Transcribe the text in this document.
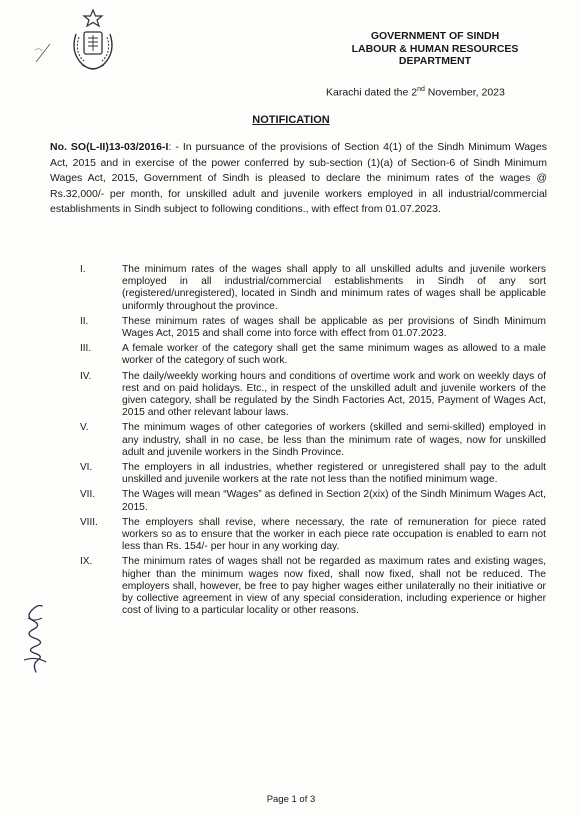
GOVERNMENT OF SINDH
LABOUR & HUMAN RESOURCES
DEPARTMENT
Karachi dated the 2nd November, 2023
NOTIFICATION
No. SO(L-II)13-03/2016-I: - In pursuance of the provisions of Section 4(1) of the Sindh Minimum Wages Act, 2015 and in exercise of the power conferred by sub-section (1)(a) of Section-6 of Sindh Minimum Wages Act, 2015, Government of Sindh is pleased to declare the minimum rates of the wages @ Rs.32,000/- per month, for unskilled adult and juvenile workers employed in all industrial/commercial establishments in Sindh subject to following conditions., with effect from 01.07.2023.
I.	The minimum rates of the wages shall apply to all unskilled adults and juvenile workers employed in all industrial/commercial establishments in Sindh of any sort (registered/unregistered), located in Sindh and minimum rates of wages shall be applicable uniformly throughout the province.
II.	These minimum rates of wages shall be applicable as per provisions of Sindh Minimum Wages Act, 2015 and shall come into force with effect from 01.07.2023.
III.	A female worker of the category shall get the same minimum wages as allowed to a male worker of the category of such work.
IV.	The daily/weekly working hours and conditions of overtime work and work on weekly days of rest and on paid holidays. Etc., in respect of the unskilled adult and juvenile workers of the given category, shall be regulated by the Sindh Factories Act, 2015, Payment of Wages Act, 2015 and other relevant labour laws.
V.	The minimum wages of other categories of workers (skilled and semi-skilled) employed in any industry, shall in no case, be less than the minimum rate of wages, now for unskilled adult and juvenile workers in the Sindh Province.
VI.	The employers in all industries, whether registered or unregistered shall pay to the adult unskilled and juvenile workers at the rate not less than the notified minimum wage.
VII.	The Wages will mean “Wages” as defined in Section 2(xix) of the Sindh Minimum Wages Act, 2015.
VIII. The employers shall revise, where necessary, the rate of remuneration for piece rated workers so as to ensure that the worker in each piece rate occupation is enabled to earn not less than Rs. 154/- per hour in any working day.
IX.	The minimum rates of wages shall not be regarded as maximum rates and existing wages, higher than the minimum wages now fixed, shall now fixed, shall not be reduced. The employers shall, however, be free to pay higher wages either unilaterally no their initiative or by collective agreement in view of any special consideration, including experience or higher cost of living to a particular locality or other reasons.
Page 1 of 3
